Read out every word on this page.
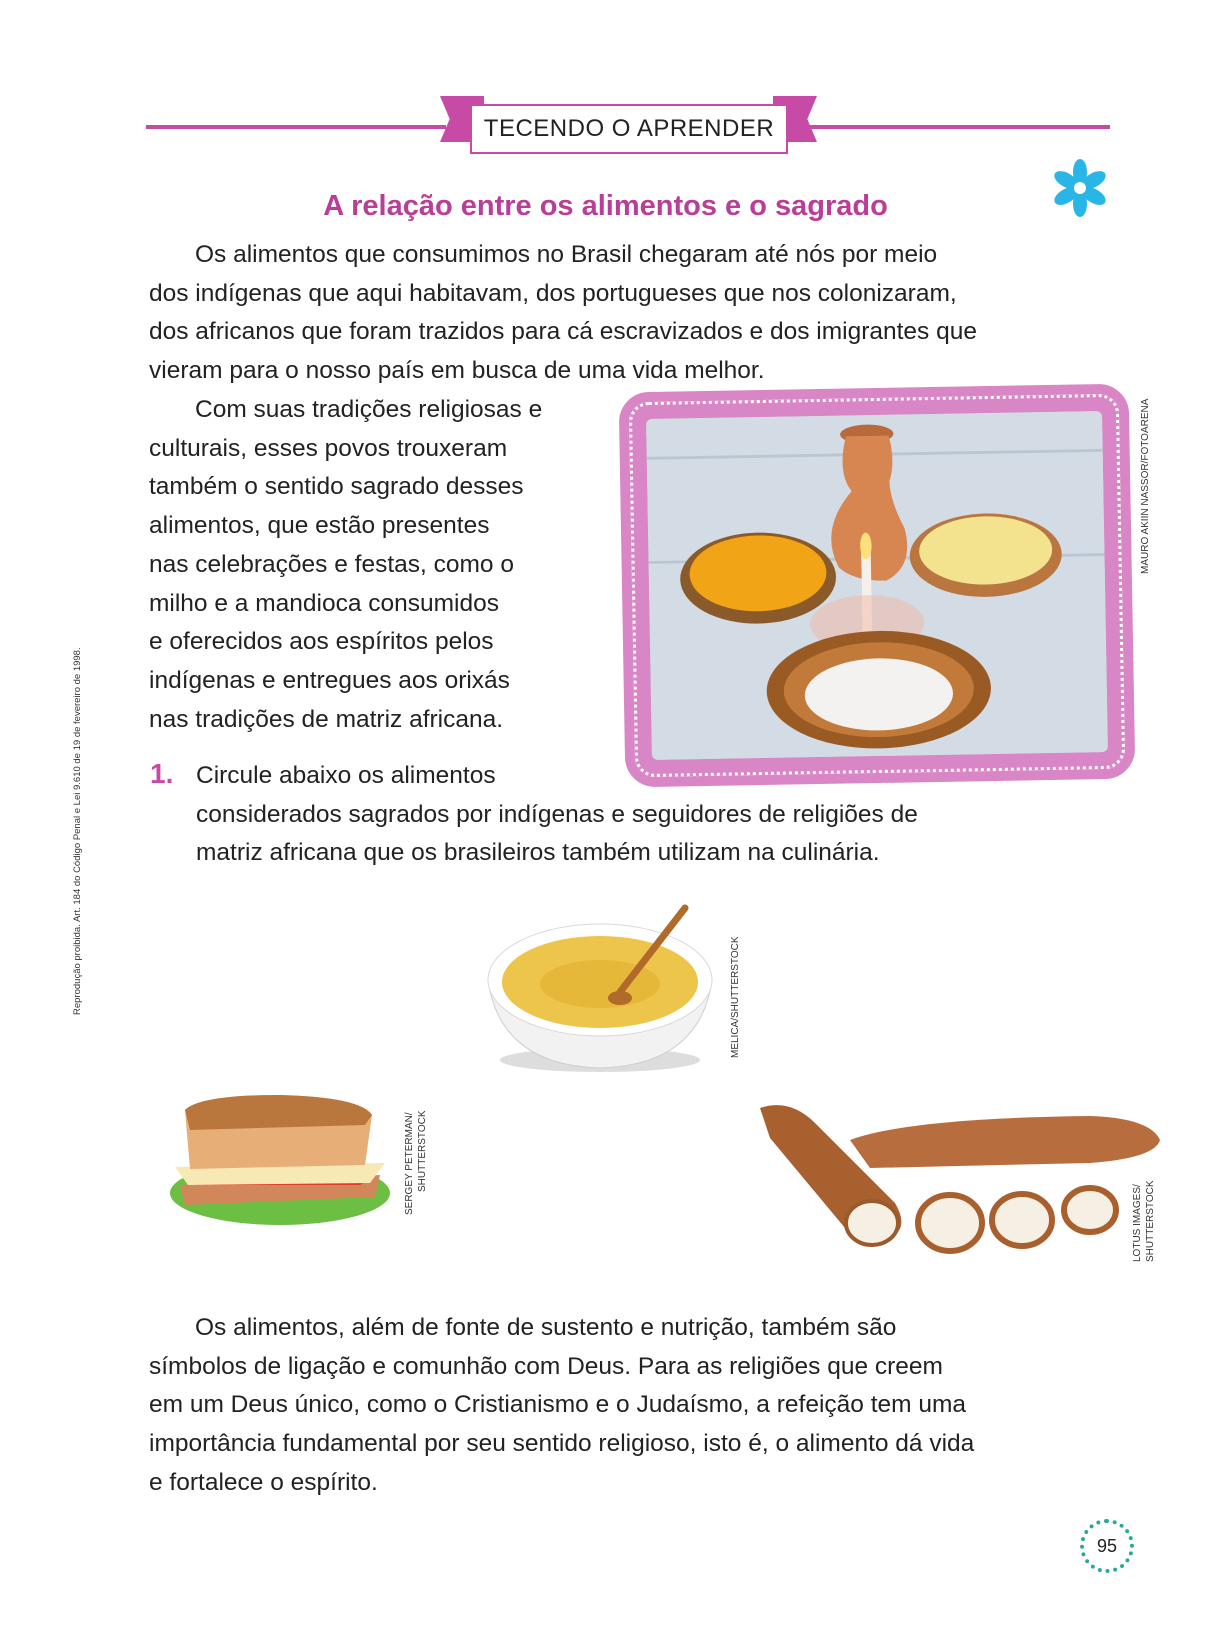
TECENDO O APRENDER
A relação entre os alimentos e o sagrado

Os alimentos que consumimos no Brasil chegaram até nós por meio

dos indígenas que aqui habitavam, dos portugueses que nos colonizaram,

dos africanos que foram trazidos para cá escravizados e dos imigrantes que

vieram para o nosso país em busca de uma vida melhor.

Com suas tradições religiosas e

culturais, esses povos trouxeram

também o sentido sagrado desses

alimentos, que estão presentes

nas celebrações e festas, como o

milho e a mandioca consumidos

e oferecidos aos espíritos pelos

indígenas e entregues aos orixás

nas tradições de matriz africana.

MAURO AKIIN NASSOR/FOTOARENA
Reprodução proibida. Art. 184 do Código Penal e Lei 9.610 de 19 de fevereiro de 1998. 1. Circule abaixo os alimentos

considerados sagrados por indígenas e seguidores de religiões de

matriz africana que os brasileiros também utilizam na culinária.

MELICA/SHUTTERSTOCK
SERGEY PETERMAN/ SHUTTERSTOCK
LOTUS IMAGES/ SHUTTERSTOCK

Os alimentos, além de fonte de sustento e nutrição, também são

símbolos de ligação e comunhão com Deus. Para as religiões que creem

em um Deus único, como o Cristianismo e o Judaísmo, a refeição tem uma

importância fundamental por seu sentido religioso, isto é, o alimento dá vida

e fortalece o espírito.

95
